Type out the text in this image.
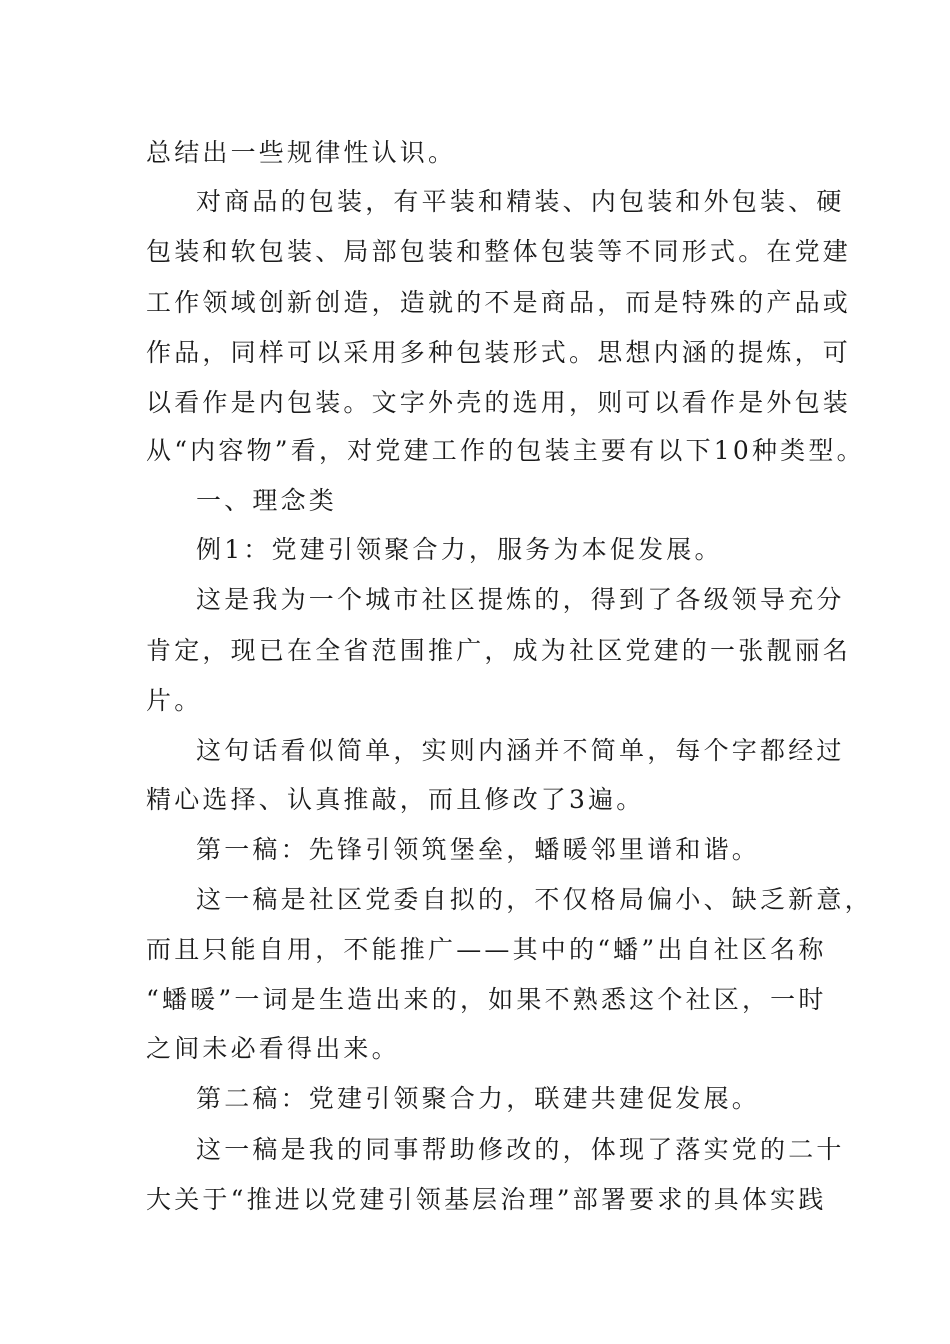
总结出一些规律性认识。
对商品的包装，有平装和精装、内包装和外包装、硬
包装和软包装、局部包装和整体包装等不同形式。在党建
工作领域创新创造，造就的不是商品，而是特殊的产品或
作品，同样可以采用多种包装形式。思想内涵的提炼，可
以看作是内包装。文字外壳的选用，则可以看作是外包装
从“内容物”看，对党建工作的包装主要有以下10种类型。
一、理念类
例1：党建引领聚合力，服务为本促发展。
这是我为一个城市社区提炼的，得到了各级领导充分
肯定，现已在全省范围推广，成为社区党建的一张靓丽名
片。
这句话看似简单，实则内涵并不简单，每个字都经过
精心选择、认真推敲，而且修改了3遍。
第一稿：先锋引领筑堡垒，蟠暖邻里谱和谐。
这一稿是社区党委自拟的，不仅格局偏小、缺乏新意，
而且只能自用，不能推广——其中的“蟠”出自社区名称
“蟠暖”一词是生造出来的，如果不熟悉这个社区，一时
之间未必看得出来。
第二稿：党建引领聚合力，联建共建促发展。
这一稿是我的同事帮助修改的，体现了落实党的二十
大关于“推进以党建引领基层治理”部署要求的具体实践
